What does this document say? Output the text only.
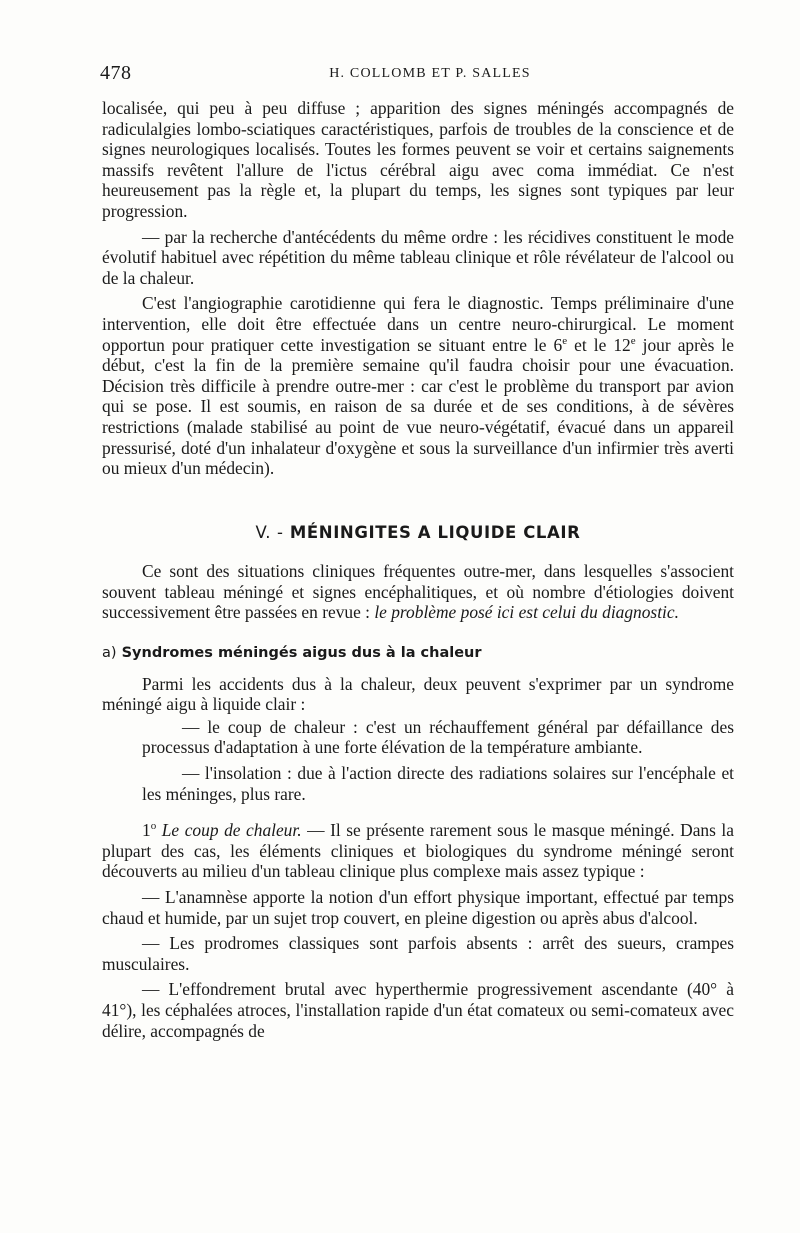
478	H. COLLOMB ET P. SALLES

localisée, qui peu à peu diffuse ; apparition des signes méningés accompagnés de radiculalgies lombo-sciatiques caractéristiques, parfois de troubles de la conscience et de signes neurologiques localisés. Toutes les formes peuvent se voir et certains saignements massifs revêtent l'allure de l'ictus cérébral aigu avec coma immédiat. Ce n'est heureusement pas la règle et, la plupart du temps, les signes sont typiques par leur progression.

— par la recherche d'antécédents du même ordre : les récidives constituent le mode évolutif habituel avec répétition du même tableau clinique et rôle révélateur de l'alcool ou de la chaleur.

C'est l'angiographie carotidienne qui fera le diagnostic. Temps préliminaire d'une intervention, elle doit être effectuée dans un centre neuro-chirurgical. Le moment opportun pour pratiquer cette investigation se situant entre le 6e et le 12e jour après le début, c'est la fin de la première semaine qu'il faudra choisir pour une évacuation. Décision très difficile à prendre outre-mer : car c'est le problème du transport par avion qui se pose. Il est soumis, en raison de sa durée et de ses conditions, à de sévères restrictions (malade stabilisé au point de vue neuro-végétatif, évacué dans un appareil pressurisé, doté d'un inhalateur d'oxygène et sous la surveillance d'un infirmier très averti ou mieux d'un médecin).

V. - MÉNINGITES A LIQUIDE CLAIR

Ce sont des situations cliniques fréquentes outre-mer, dans lesquelles s'associent souvent tableau méningé et signes encéphalitiques, et où nombre d'étiologies doivent successivement être passées en revue : le problème posé ici est celui du diagnostic.

a) Syndromes méningés aigus dus à la chaleur

Parmi les accidents dus à la chaleur, deux peuvent s'exprimer par un syndrome méningé aigu à liquide clair :

— le coup de chaleur : c'est un réchauffement général par défaillance des processus d'adaptation à une forte élévation de la température ambiante.

— l'insolation : due à l'action directe des radiations solaires sur l'encéphale et les méninges, plus rare.

1$^o$ Le coup de chaleur. — Il se présente rarement sous le masque méningé. Dans la plupart des cas, les éléments cliniques et biologiques du syndrome méningé seront découverts au milieu d'un tableau clinique plus complexe mais assez typique :

— L'anamnèse apporte la notion d'un effort physique important, effectué par temps chaud et humide, par un sujet trop couvert, en pleine digestion ou après abus d'alcool.

— Les prodromes classiques sont parfois absents : arrêt des sueurs, crampes musculaires.

— L'effondrement brutal avec hyperthermie progressivement ascendante (40° à 41°), les céphalées atroces, l'installation rapide d'un état comateux ou semi-comateux avec délire, accompagnés de
